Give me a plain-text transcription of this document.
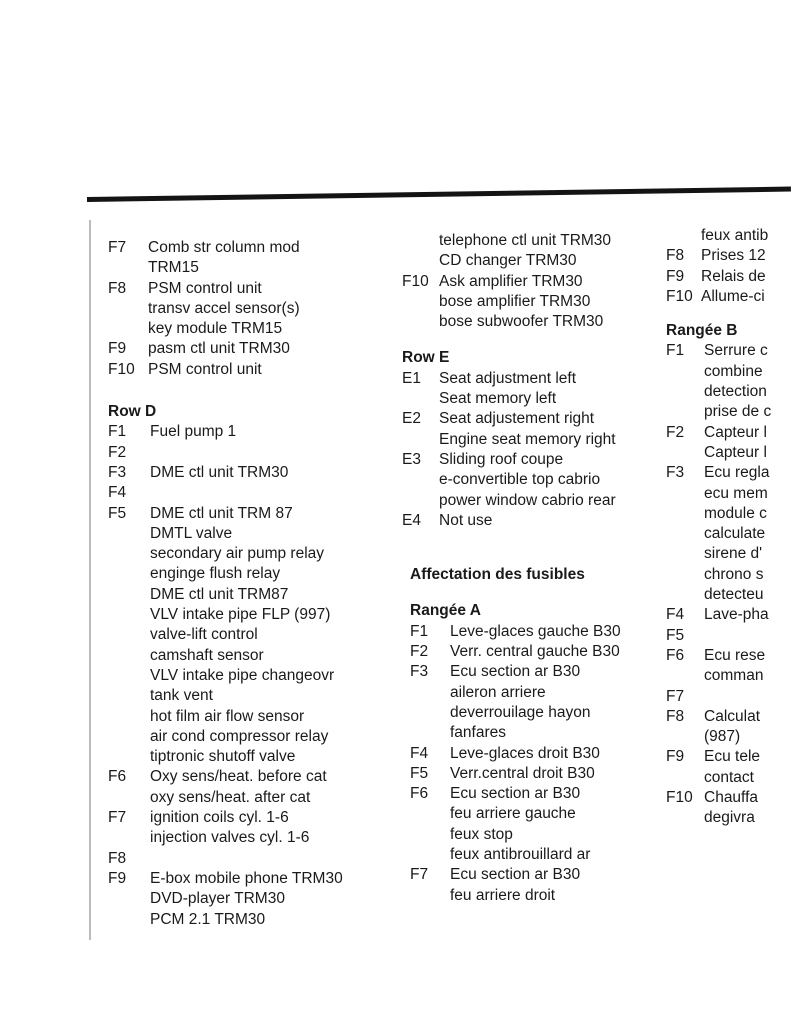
F7	Comb str column mod
TRM15
F8	PSM control unit
transv accel sensor(s)
key module TRM15
F9	pasm ctl unit TRM30
F10 PSM control unit
Row D
F1	Fuel pump 1
F2
F3	DME ctl unit TRM30
F4
F5	DME ctl unit TRM 87
DMTL valve
secondary air pump relay
enginge flush relay
DME ctl unit TRM87
VLV intake pipe FLP (997)
valve-lift control
camshaft sensor
VLV intake pipe changeovr
tank vent
hot film air flow sensor
air cond compressor relay
tiptronic shutoff valve
F6	Oxy sens/heat. before cat
oxy sens/heat. after cat
F7	ignition coils cyl. 1-6
injection valves cyl. 1-6
F8
F9	E-box mobile phone TRM30
DVD-player TRM30
PCM 2.1 TRM30
telephone ctl unit TRM30
CD changer TRM30
F10 Ask amplifier TRM30
bose amplifier TRM30
bose subwoofer TRM30
Row E
E1	Seat adjustment left
Seat memory left
E2	Seat adjustement right
Engine seat memory right
E3	Sliding roof coupe
e-convertible top cabrio
power window cabrio rear
E4	Not use
Affectation des fusibles
Rangée A
F1	Leve-glaces gauche B30
F2	Verr. central gauche B30
F3	Ecu section ar B30
aileron arriere
deverrouilage hayon
fanfares
F4	Leve-glaces droit B30
F5	Verr.central droit B30
F6	Ecu section ar B30
feu arriere gauche
feux stop
feux antibrouillard ar
F7	Ecu section ar B30
feu arriere droit
feux antib
F8	Prises 12
F9	Relais de
F10 Allume-ci
Rangée B
F1	Serrure c
combine
detection
prise de c
F2	Capteur l
Capteur l
F3	Ecu regla
ecu mem
module c
calculate
sirene d'
chrono s
detecteu
F4	Lave-pha
F5
F6	Ecu rese
comman
F7
F8	Calculat
(987)
F9	Ecu tele
contact
F10 Chauffa
degivra
